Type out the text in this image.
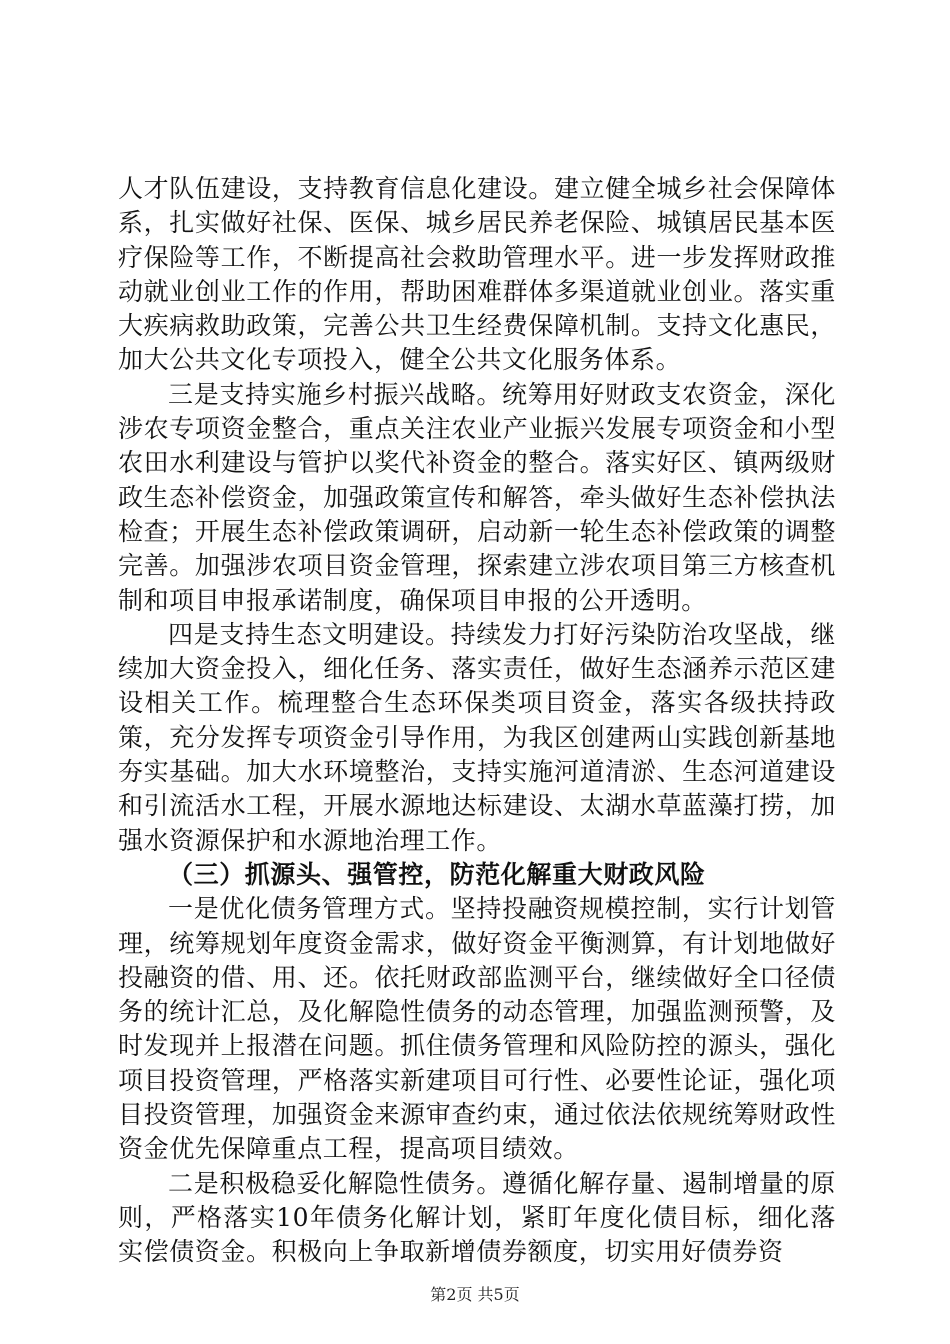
人才队伍建设，支持教育信息化建设。建立健全城乡社会保障体系，扎实做好社保、医保、城乡居民养老保险、城镇居民基本医疗保险等工作，不断提高社会救助管理水平。进一步发挥财政推动就业创业工作的作用，帮助困难群体多渠道就业创业。落实重大疾病救助政策，完善公共卫生经费保障机制。支持文化惠民，加大公共文化专项投入，健全公共文化服务体系。

三是支持实施乡村振兴战略。统筹用好财政支农资金，深化涉农专项资金整合，重点关注农业产业振兴发展专项资金和小型农田水利建设与管护以奖代补资金的整合。落实好区、镇两级财政生态补偿资金，加强政策宣传和解答，牵头做好生态补偿执法检查；开展生态补偿政策调研，启动新一轮生态补偿政策的调整完善。加强涉农项目资金管理，探索建立涉农项目第三方核查机制和项目申报承诺制度，确保项目申报的公开透明。

四是支持生态文明建设。持续发力打好污染防治攻坚战，继续加大资金投入，细化任务、落实责任，做好生态涵养示范区建设相关工作。梳理整合生态环保类项目资金，落实各级扶持政策，充分发挥专项资金引导作用，为我区创建两山实践创新基地夯实基础。加大水环境整治，支持实施河道清淤、生态河道建设和引流活水工程，开展水源地达标建设、太湖水草蓝藻打捞，加强水资源保护和水源地治理工作。

（三）抓源头、强管控，防范化解重大财政风险

一是优化债务管理方式。坚持投融资规模控制，实行计划管理，统筹规划年度资金需求，做好资金平衡测算，有计划地做好投融资的借、用、还。依托财政部监测平台，继续做好全口径债务的统计汇总，及化解隐性债务的动态管理，加强监测预警，及时发现并上报潜在问题。抓住债务管理和风险防控的源头，强化项目投资管理，严格落实新建项目可行性、必要性论证，强化项目投资管理，加强资金来源审查约束，通过依法依规统筹财政性资金优先保障重点工程，提高项目绩效。

二是积极稳妥化解隐性债务。遵循化解存量、遏制增量的原则，严格落实10年债务化解计划，紧盯年度化债目标，细化落实偿债资金。积极向上争取新增债券额度，切实用好债券资

第2页 共5页
